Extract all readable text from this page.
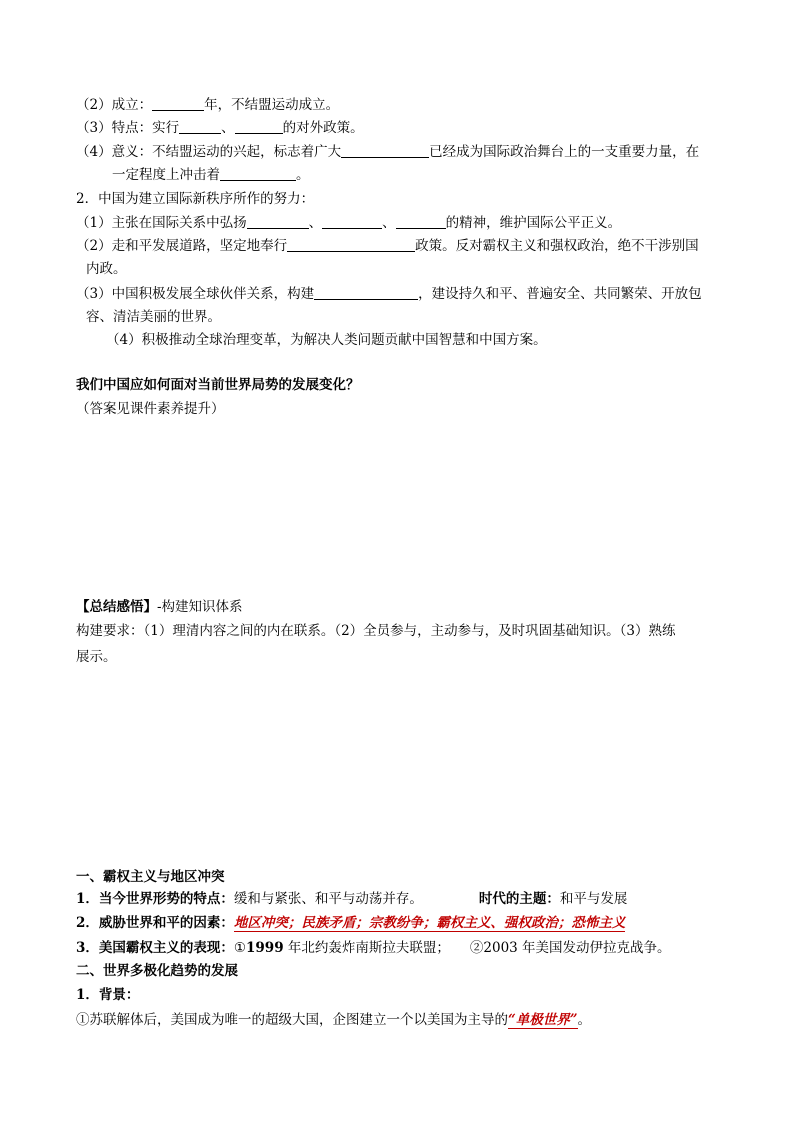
（2）成立：	年，不结盟运动成立。
（3）特点：实行	、	的对外政策。
（4）意义：不结盟运动的兴起，标志着广大	已经成为国际政治舞台上的一支重要力量，在
一定程度上冲击着	。
2．中国为建立国际新秩序所作的努力：
（1）主张在国际关系中弘扬	、	、	的精神，维护国际公平正义。
（2）走和平发展道路，坚定地奉行	政策。反对霸权主义和强权政治，绝不干涉别国
内政。
（3）中国积极发展全球伙伴关系，构建	，建设持久和平、普遍安全、共同繁荣、开放包
容、清洁美丽的世界。
（4）积极推动全球治理变革，为解决人类问题贡献中国智慧和中国方案。
我们中国应如何面对当前世界局势的发展变化？
（答案见课件素养提升）
【总结感悟】-构建知识体系
构建要求：（1）理清内容之间的内在联系。（2）全员参与，主动参与，及时巩固基础知识。（3）熟练
展示。
一、霸权主义与地区冲突
1．当今世界形势的特点：缓和与紧张、和平与动荡并存。	时代的主题：和平与发展
2．威胁世界和平的因素：地区冲突；民族矛盾；宗教纷争；霸权主义、强权政治；恐怖主义
3．美国霸权主义的表现：①1999 年北约轰炸南斯拉夫联盟； ②2003 年美国发动伊拉克战争。
二、世界多极化趋势的发展
1．背景：
①苏联解体后，美国成为唯一的超级大国，企图建立一个以美国为主导的“单极世界”。
